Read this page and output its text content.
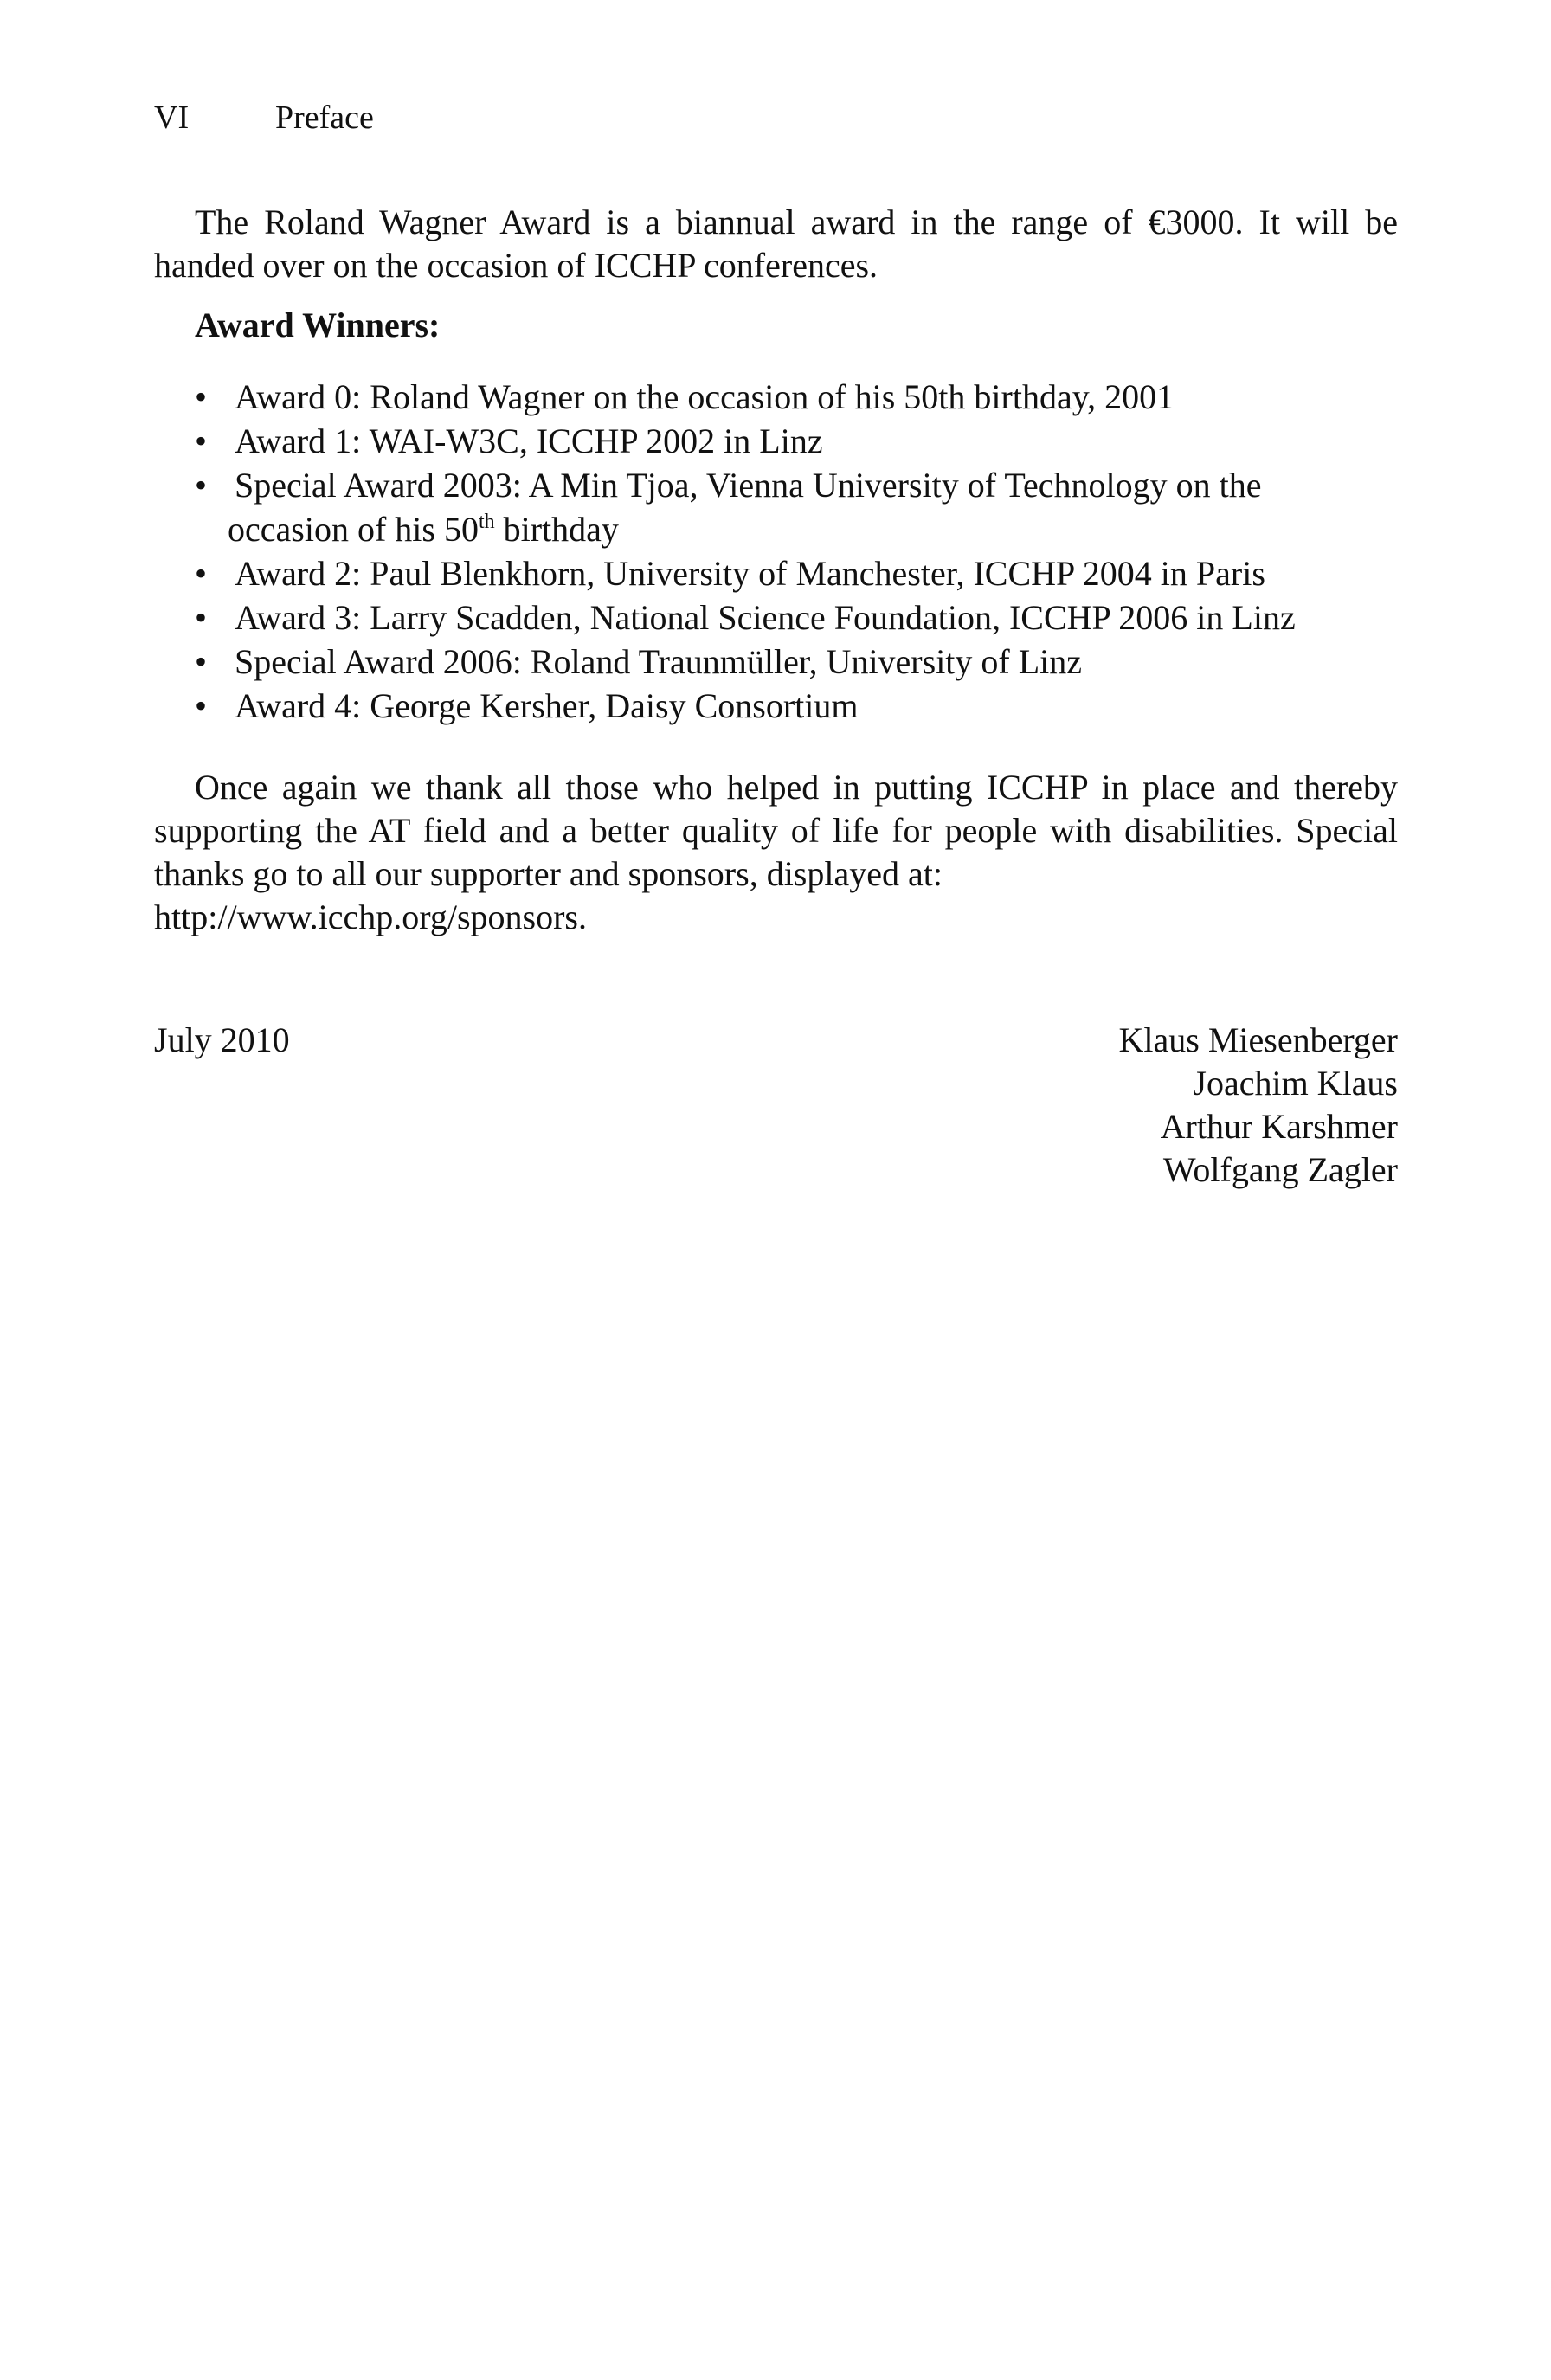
VI	Preface

The Roland Wagner Award is a biannual award in the range of €3000. It will be handed over on the occasion of ICCHP conferences.

Award Winners:
• Award 0: Roland Wagner on the occasion of his 50th birthday, 2001
• Award 1: WAI-W3C, ICCHP 2002 in Linz
• Special Award 2003: A Min Tjoa, Vienna University of Technology on the
occasion of his 50th birthday
• Award 2: Paul Blenkhorn, University of Manchester, ICCHP 2004 in Paris
• Award 3: Larry Scadden, National Science Foundation, ICCHP 2006 in Linz
• Special Award 2006: Roland Traunmüller, University of Linz
• Award 4: George Kersher, Daisy Consortium

Once again we thank all those who helped in putting ICCHP in place and thereby supporting the AT field and a better quality of life for people with disabilities. Special thanks go to all our supporter and sponsors, displayed at:

http://www.icchp.org/sponsors.

July 2010	Klaus Miesenberger
Joachim Klaus
Arthur Karshmer
Wolfgang Zagler
